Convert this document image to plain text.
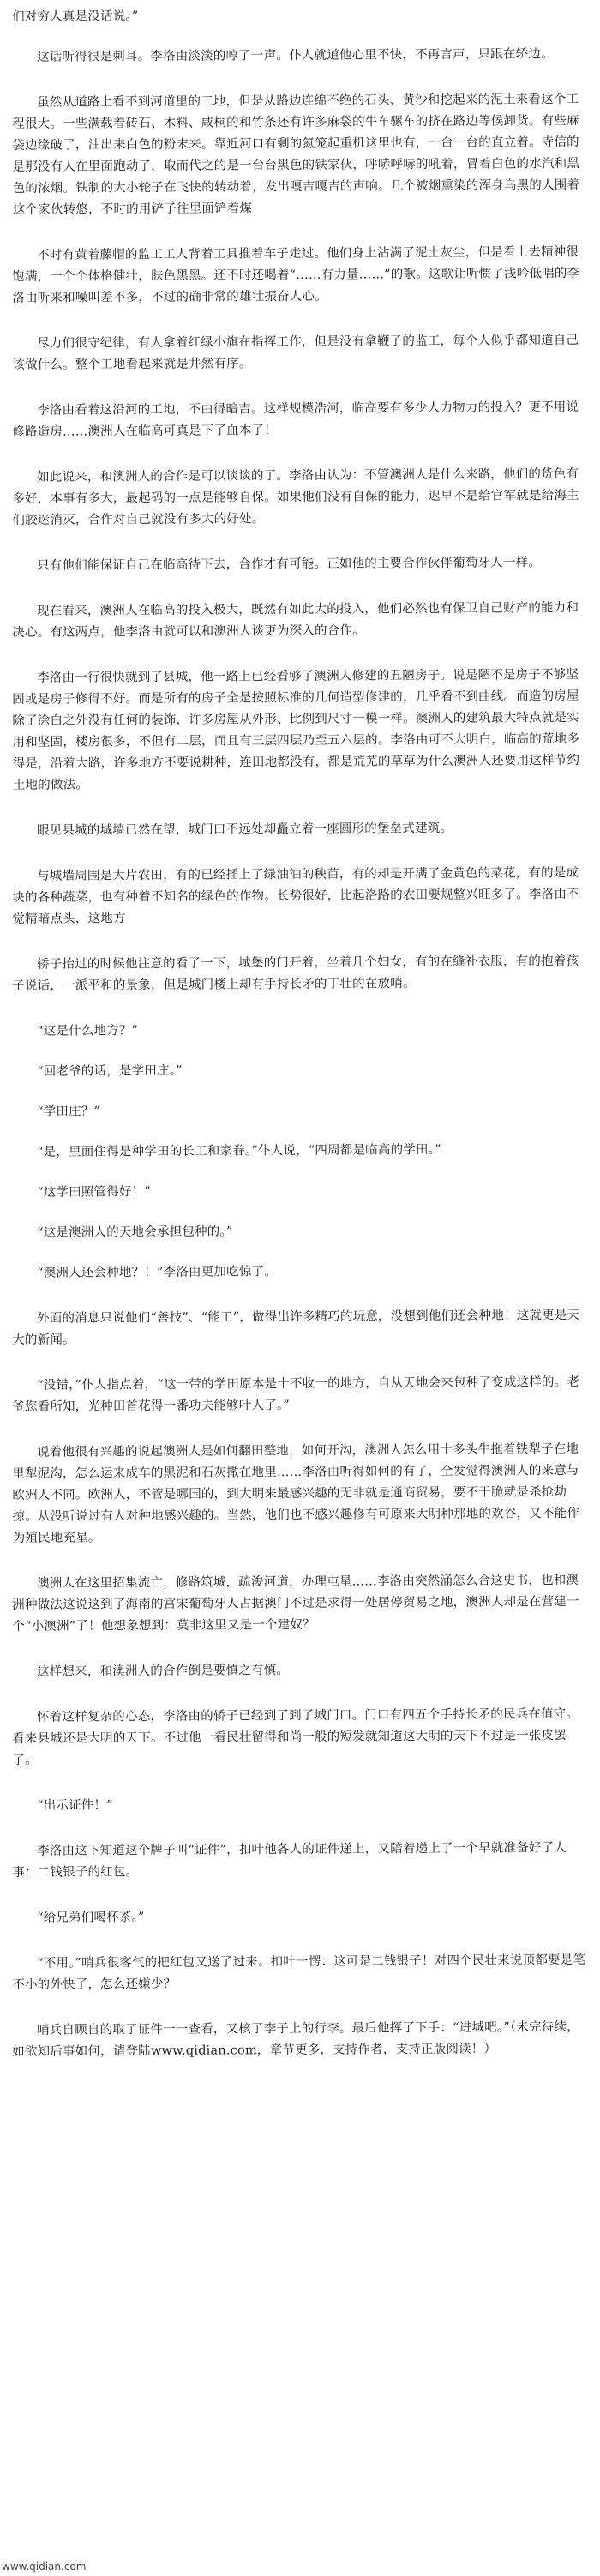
们对穷人真是没话说。”

这话听得很是刺耳。李洛由淡淡的哼了一声。仆人就道他心里不快，不再言声，只跟在轿边。

虽然从道路上看不到河道里的工地，但是从路边连绵不绝的石头、黄沙和挖起来的泥土来看这个工程很大。一些满载着砖石、木料、咸桐的和竹条还有许多麻袋的牛车骡车的挤在路边等候卸货。有些麻袋边缘破了，油出来白色的粉末来。靠近河口有剩的氮笼起重机这里也有，一台一台的直立着。寺信的是那没有人在里面跑动了，取而代之的是一台台黑色的铁家伙，呼哧呼哧的吼着，冒着白色的水汽和黑色的浓烟。铁制的大小轮子在飞快的转动着，发出嘎吉嘎吉的声响。几个被烟熏染的浑身乌黑的人围着这个家伙转悠，不时的用铲子往里面铲着煤

不时有黄着藤帽的监工工人背着工具推着车子走过。他们身上沾满了泥土灰尘，但是看上去精神很饱满，一个个体格健壮，肤色黑黑。还不时还喝着“……有力量……”的歌。这歌让听惯了浅吟低唱的李洛由听来和噪叫差不多，不过的确非常的雄壮振奋人心。

尽力们很守纪律，有人拿着红绿小旗在指挥工作，但是没有拿鞭子的监工，每个人似乎都知道自己该做什么。整个工地看起来就是井然有序。

李洛由看着这沿河的工地，不由得暗吉。这样规模浩河，临高要有多少人力物力的投入？更不用说修路造房……澳洲人在临高可真是下了血本了！

如此说来，和澳洲人的合作是可以谈谈的了。李洛由认为：不管澳洲人是什么来路，他们的货色有多好，本事有多大，最起码的一点是能够自保。如果他们没有自保的能力，迟早不是给官军就是给海主们胶迷消灭，合作对自己就没有多大的好处。

只有他们能保证自己在临高待下去，合作才有可能。正如他的主要合作伙伴葡萄牙人一样。

现在看来，澳洲人在临高的投入极大，既然有如此大的投入，他们必然也有保卫自己财产的能力和决心。有这两点，他李洛由就可以和澳洲人谈更为深入的合作。

李洛由一行很快就到了县城，他一路上已经看够了澳洲人修建的丑陋房子。说是陋不是房子不够坚固或是房子修得不好。而是所有的房子全是按照标准的几何造型修建的，几乎看不到曲线。而造的房屋除了涂白之外没有任何的装饰，许多房屋从外形、比例到尺寸一模一样。澳洲人的建筑最大特点就是实用和坚固，楼房很多，不但有二层，而且有三层四层乃至五六层的。李洛由可不大明白，临高的荒地多得是，沿着大路，许多地方不要说耕种，连田地都没有，都是荒芜的草草为什么澳洲人还要用这样节约土地的做法。

眼见县城的城墙已然在望，城门口不远处却矗立着一座圆形的堡垒式建筑。

与城墙周围是大片农田，有的已经插上了绿油油的秧苗，有的却是开满了金黄色的菜花，有的是成块的各种蔬菜，也有种着不知名的绿色的作物。长势很好，比起洛路的农田要规整兴旺多了。李洛由不觉精暗点头，这地方

轿子抬过的时候他注意的看了一下，城堡的门开着，坐着几个妇女，有的在缝补衣服，有的抱着孩子说话，一派平和的景象，但是城门楼上却有手持长矛的丁壮的在放哨。

“这是什么地方？”

“回老爷的话，是学田庄。”

“学田庄？”

“是，里面住得是种学田的长工和家眷。”仆人说，“四周都是临高的学田。”

“这学田照管得好！”

“这是澳洲人的天地会承担包种的。”

“澳洲人还会种地？！”李洛由更加吃惊了。

外面的消息只说他们“善技”、“能工”，做得出许多精巧的玩意，没想到他们还会种地！这就更是天大的新闻。

“没错，”仆人指点着，“这一带的学田原本是十不收一的地方，自从天地会来包种了变成这样的。老爷您看所知，光种田首花得一番功夫能够叶人了。”

说着他很有兴趣的说起澳洲人是如何翻田整地，如何开沟，澳洲人怎么用十多头牛拖着铁犁子在地里犁泥沟，怎么运来成车的黑泥和石灰撒在地里……李洛由听得如何的有了，全发觉得澳洲人的来意与欧洲人不同。欧洲人，不管是哪国的，到大明来最感兴趣的无非就是通商贸易，要不干脆就是杀抢劫掠。从没听说过有人对种地感兴趣的。当然，他们也不感兴趣修有可原来大明种那地的欢谷，又不能作为殖民地充星。

澳洲人在这里招集流亡，修路筑城，疏浚河道，办理屯星……李洛由突然涌怎么合这史书，也和澳洲种做法这说这到了海南的宫宋葡萄牙人占据澳门不过是求得一处居停贸易之地，澳洲人却是在营建一个“小澳洲”了！他想象想到：莫非这里又是一个建奴？

这样想来，和澳洲人的合作倒是要慎之有慎。

怀着这样复杂的心态，李洛由的轿子已经到了到了城门口。门口有四五个手持长矛的民兵在值守。看来县城还是大明的天下。不过他一看民壮留得和尚一般的短发就知道这大明的天下不过是一张皮罢了。

“出示证件！”

李洛由这下知道这个牌子叫“证件”，扣叶他各人的证件递上，又陪着递上了一个早就准备好了人事：二钱银子的红包。

“给兄弟们喝杯茶。”

“不用。”哨兵很客气的把红包又送了过来。扣叶一愣：这可是二钱银子！对四个民壮来说顶都要是笔不小的外快了，怎么还嫌少？

哨兵自顾自的取了证件一一查看，又核了李子上的行李。最后他挥了下手：“进城吧。”（未完待续，如欲知后事如何，请登陆www.qidian.com，章节更多，支持作者，支持正版阅读！）

www.qidian.com
